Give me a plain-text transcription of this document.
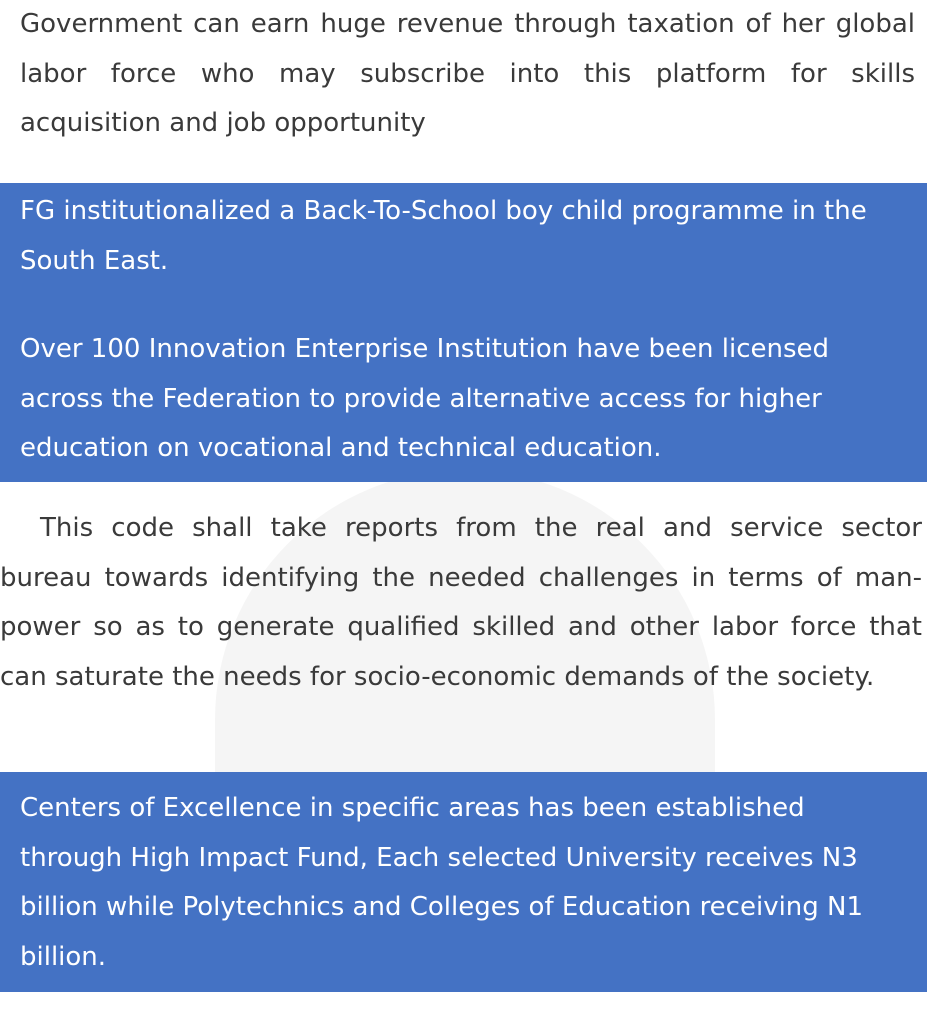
Government can earn huge revenue through taxation of her global labor force who may subscribe into this platform for skills acquisition and job opportunity

FG institutionalized a Back-To-School boy child programme in the South East.

Over 100 Innovation Enterprise Institution have been licensed across the Federation to provide alternative access for higher education on vocational and technical education.

This code shall take reports from the real and service sector bureau towards identifying the needed challenges in terms of man-power so as to generate qualified skilled and other labor force that can saturate the needs for socio-economic demands of the society.

Centers of Excellence in specific areas has been established through High Impact Fund, Each selected University receives N3 billion while Polytechnics and Colleges of Education receiving N1 billion.
